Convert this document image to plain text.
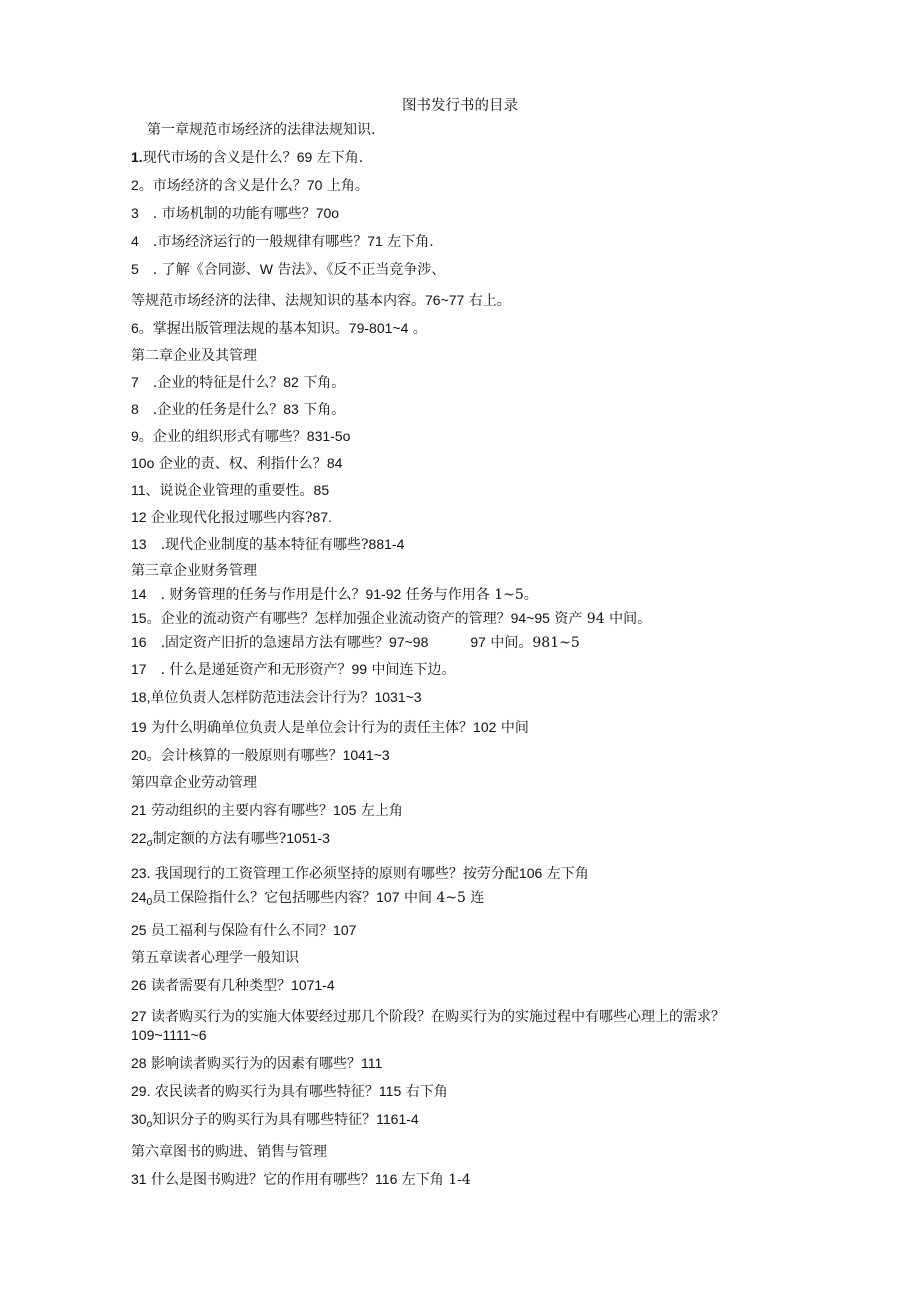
图书发行书的目录
第一章规范市场经济的法律法规知识.
1.现代市场的含义是什么？69 左下角.
2。市场经济的含义是什么？70 上角。
3　. 市场机制的功能有哪些？70o
4　.市场经济运行的一般规律有哪些？71 左下角.
5　. 了解《合同澎、W 告法》、《反不正当竞争涉、
等规范市场经济的法律、法规知识的基本内容。76~77 右上。
6。掌握出版管理法规的基本知识。79-801~4 。
第二章企业及其管理
7　.企业的特征是什么？82 下角。
8　.企业的任务是什么？83 下角。
9。企业的组织形式有哪些？831-5o
10o 企业的责、权、利指什么？84
11、说说企业管理的重要性。85
12 企业现代化报过哪些内容?87.
13　.现代企业制度的基本特征有哪些?881-4
第三章企业财务管理
14　. 财务管理的任务与作用是什么？91-92 任务与作用各 1~5。
15。企业的流动资产有哪些？怎样加强企业流动资产的管理？94~95 资产 94 中间。
16　.固定资产旧折的急速昂方法有哪些？97~98　　　97 中间。981~5
17　. 什么是递延资产和无形资产？99 中间连下边。
18,单位负责人怎样防范违法会计行为？1031~3
19 为什么明确单位负责人是单位会计行为的责任主体？102 中间
20。会计核算的一般原则有哪些？1041~3
第四章企业劳动管理
21 劳动组织的主要内容有哪些？105 左上角
$22_\sigma$制定额的方法有哪些?1051-3
23. 我国现行的工资管理工作必须坚持的原则有哪些？按劳分配106 左下角
$24_0$员工保险指什么？它包括哪些内容？107 中间 4~5 连
25 员工福利与保险有什么不同？107
第五章读者心理学一般知识
26 读者需要有几种类型？1071-4
27 读者购买行为的实施大体要经过那几个阶段？在购买行为的实施过程中有哪些心理上的需求？
109~1111~6
28 影响读者购买行为的因素有哪些？111
29. 农民读者的购买行为具有哪些特征？115 右下角
$30_o$知识分子的购买行为具有哪些特征？1161-4
第六章图书的购进、销售与管理
31 什么是图书购进？它的作用有哪些？116 左下角 1-4
